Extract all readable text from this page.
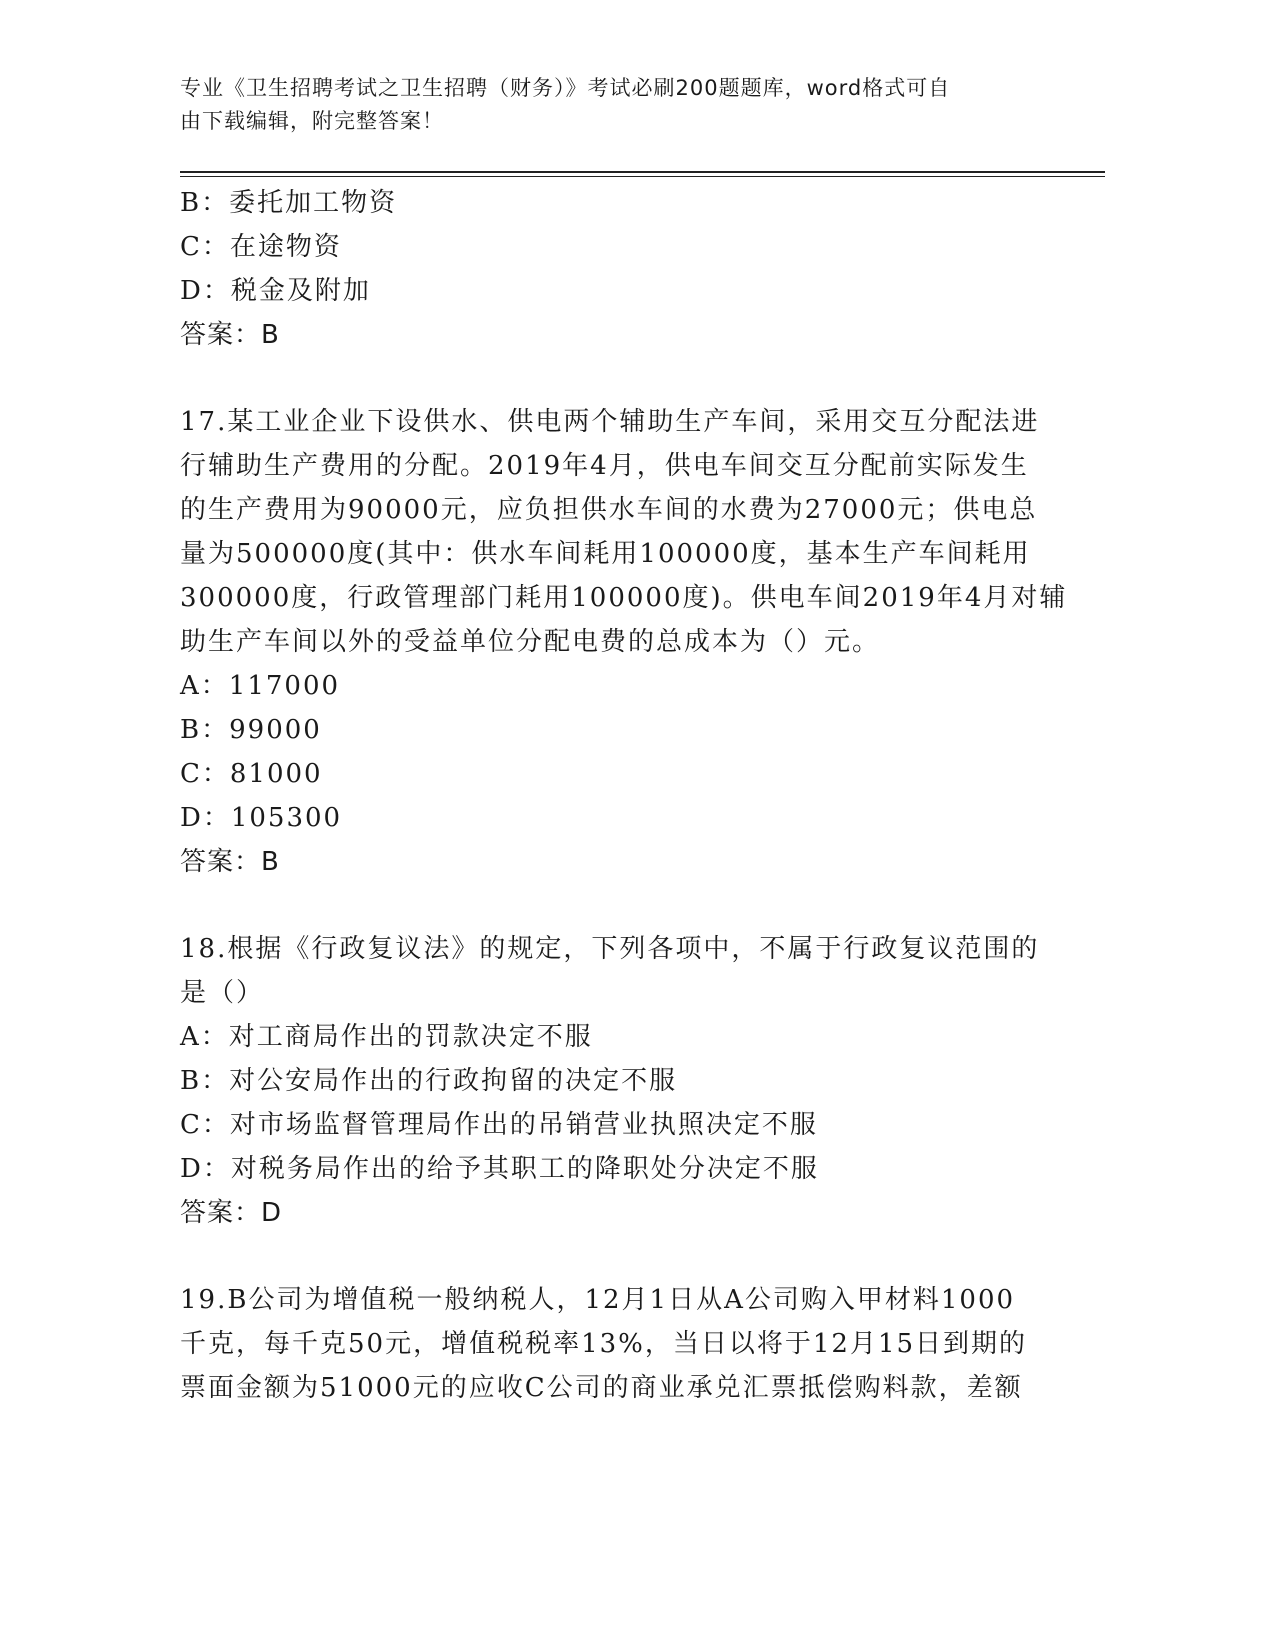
专业《卫生招聘考试之卫生招聘（财务）》考试必刷200题题库，word格式可自
由下载编辑，附完整答案！
B：委托加工物资
C：在途物资
D：税金及附加
答案：B
17.某工业企业下设供水、供电两个辅助生产车间，采用交互分配法进
行辅助生产费用的分配。2019年4月，供电车间交互分配前实际发生
的生产费用为90000元，应负担供水车间的水费为27000元；供电总
量为500000度(其中：供水车间耗用100000度，基本生产车间耗用
300000度，行政管理部门耗用100000度)。供电车间2019年4月对辅
助生产车间以外的受益单位分配电费的总成本为（）元。
A：117000
B：99000
C：81000
D：105300
答案：B
18.根据《行政复议法》的规定，下列各项中，不属于行政复议范围的
是（）
A：对工商局作出的罚款决定不服
B：对公安局作出的行政拘留的决定不服
C：对市场监督管理局作出的吊销营业执照决定不服
D：对税务局作出的给予其职工的降职处分决定不服
答案：D
19.B公司为增值税一般纳税人，12月1日从A公司购入甲材料1000
千克，每千克50元，增值税税率13%，当日以将于12月15日到期的
票面金额为51000元的应收C公司的商业承兑汇票抵偿购料款，差额
